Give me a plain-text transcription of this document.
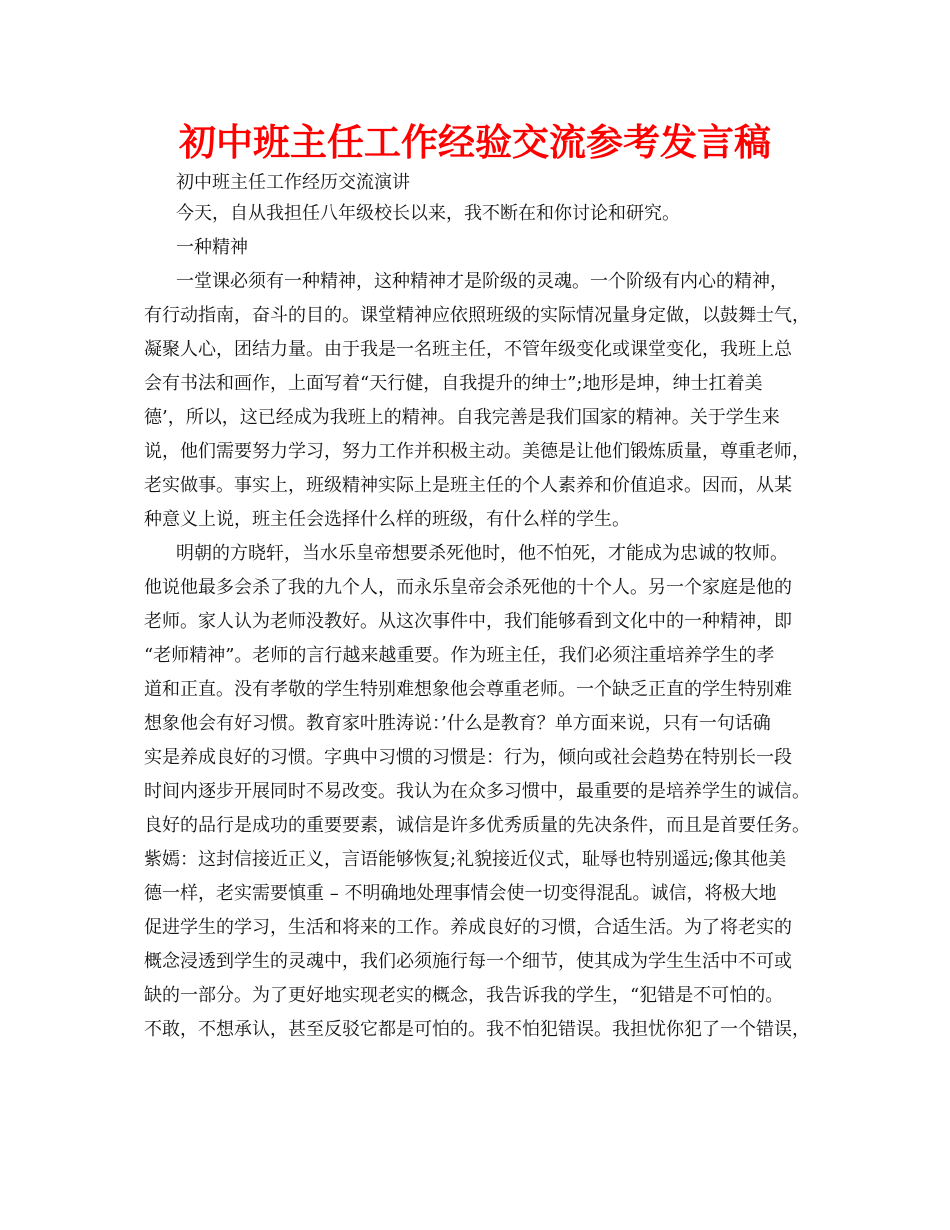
初中班主任工作经验交流参考发言稿

初中班主任工作经历交流演讲

今天，自从我担任八年级校长以来，我不断在和你讨论和研究。

一种精神

一堂课必须有一种精神，这种精神才是阶级的灵魂。一个阶级有内心的精神，

有行动指南，奋斗的目的。课堂精神应依照班级的实际情况量身定做，以鼓舞士气，

凝聚人心，团结力量。由于我是一名班主任，不管年级变化或课堂变化，我班上总

会有书法和画作，上面写着“天行健，自我提升的绅士”;地形是坤，绅士扛着美

德’，所以，这已经成为我班上的精神。自我完善是我们国家的精神。关于学生来

说，他们需要努力学习，努力工作并积极主动。美德是让他们锻炼质量，尊重老师，

老实做事。事实上，班级精神实际上是班主任的个人素养和价值追求。因而，从某

种意义上说，班主任会选择什么样的班级，有什么样的学生。

明朝的方晓轩，当水乐皇帝想要杀死他时，他不怕死，才能成为忠诚的牧师。

他说他最多会杀了我的九个人，而永乐皇帝会杀死他的十个人。另一个家庭是他的

老师。家人认为老师没教好。从这次事件中，我们能够看到文化中的一种精神，即

“老师精神”。老师的言行越来越重要。作为班主任，我们必须注重培养学生的孝

道和正直。没有孝敬的学生特别难想象他会尊重老师。一个缺乏正直的学生特别难

想象他会有好习惯。教育家叶胜涛说：’什么是教育？单方面来说，只有一句话确

实是养成良好的习惯。字典中习惯的习惯是：行为，倾向或社会趋势在特别长一段

时间内逐步开展同时不易改变。我认为在众多习惯中，最重要的是培养学生的诚信。

良好的品行是成功的重要要素，诚信是许多优秀质量的先决条件，而且是首要任务。

紫嫣：这封信接近正义，言语能够恢复;礼貌接近仪式，耻辱也特别遥远;像其他美

德一样，老实需要慎重 – 不明确地处理事情会使一切变得混乱。诚信，将极大地

促进学生的学习，生活和将来的工作。养成良好的习惯，合适生活。为了将老实的

概念浸透到学生的灵魂中，我们必须施行每一个细节，使其成为学生生活中不可或

缺的一部分。为了更好地实现老实的概念，我告诉我的学生，“犯错是不可怕的。

不敢，不想承认，甚至反驳它都是可怕的。我不怕犯错误。我担忧你犯了一个错误，
